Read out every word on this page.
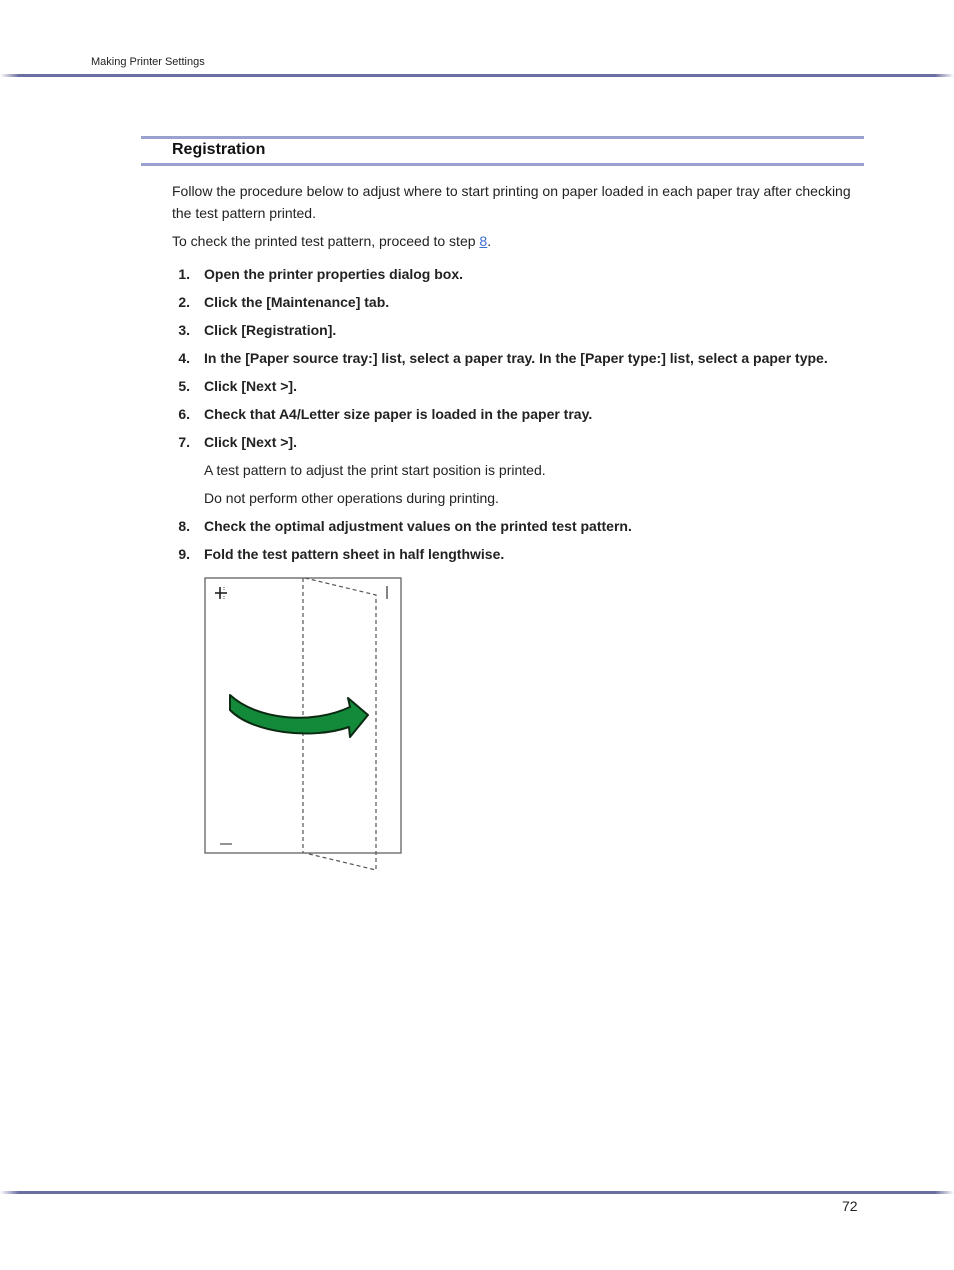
Making Printer Settings
Registration
Follow the procedure below to adjust where to start printing on paper loaded in each paper tray after checking the test pattern printed.
To check the printed test pattern, proceed to step 8.
1. Open the printer properties dialog box.
2. Click the [Maintenance] tab.
3. Click [Registration].
4. In the [Paper source tray:] list, select a paper tray. In the [Paper type:] list, select a paper type.
5. Click [Next >].
6. Check that A4/Letter size paper is loaded in the paper tray.
7. Click [Next >].
A test pattern to adjust the print start position is printed.
Do not perform other operations during printing.
8. Check the optimal adjustment values on the printed test pattern.
9. Fold the test pattern sheet in half lengthwise.
72
